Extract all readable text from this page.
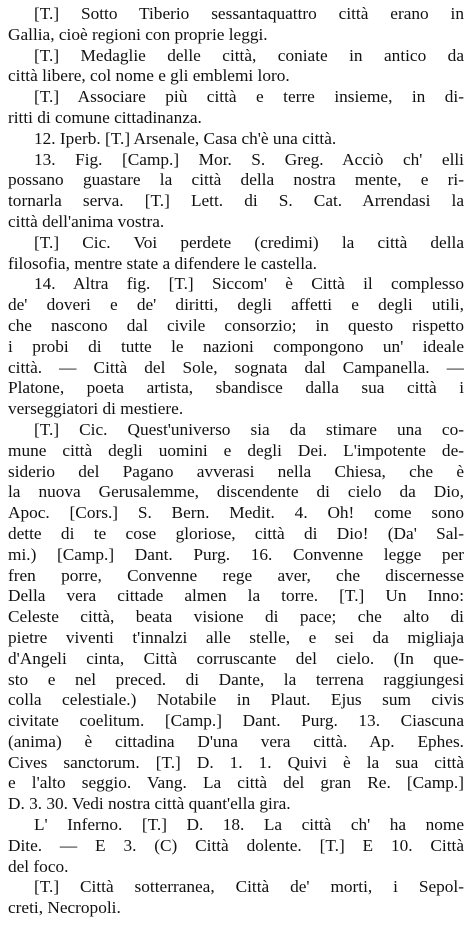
[T.] Sotto Tiberio sessantaquattro città erano in
Gallia, cioè regioni con proprie leggi.
[T.] Medaglie delle città, coniate in antico da
città libere, col nome e gli emblemi loro.
[T.] Associare più città e terre insieme, in di-
ritti di comune cittadinanza.
12. Iperb. [T.] Arsenale, Casa ch'è una città.
13. Fig. [Camp.] Mor. S. Greg. Acciò ch' elli
possano guastare la città della nostra mente, e ri-
tornarla serva. [T.] Lett. di S. Cat. Arrendasi la
città dell'anima vostra.
[T.] Cic. Voi perdete (credimi) la città della
filosofia, mentre state a difendere le castella.
14. Altra fig. [T.] Siccom' è Città il complesso
de' doveri e de' diritti, degli affetti e degli utili,
che nascono dal civile consorzio; in questo rispetto
i probi di tutte le nazioni compongono un' ideale
città. — Città del Sole, sognata dal Campanella. —
Platone, poeta artista, sbandisce dalla sua città i
verseggiatori di mestiere.
[T.] Cic. Quest'universo sia da stimare una co-
mune città degli uomini e degli Dei. L'impotente de-
siderio del Pagano avverasi nella Chiesa, che è
la nuova Gerusalemme, discendente di cielo da Dio,
Apoc. [Cors.] S. Bern. Medit. 4. Oh! come sono
dette di te cose gloriose, città di Dio! (Da' Sal-
mi.) [Camp.] Dant. Purg. 16. Convenne legge per
fren porre, Convenne rege aver, che discernesse
Della vera cittade almen la torre. [T.] Un Inno:
Celeste città, beata visione di pace; che alto di
pietre viventi t'innalzi alle stelle, e sei da migliaja
d'Angeli cinta, Città corruscante del cielo. (In que-
sto e nel preced. di Dante, la terrena raggiungesi
colla celestiale.) Notabile in Plaut. Ejus sum civis
civitate coelitum. [Camp.] Dant. Purg. 13. Ciascuna
(anima) è cittadina D'una vera città. Ap. Ephes.
Cives sanctorum. [T.] D. 1. 1. Quivi è la sua città
e l'alto seggio. Vang. La città del gran Re. [Camp.]
D. 3. 30. Vedi nostra città quant'ella gira.
L' Inferno. [T.] D. 18. La città ch' ha nome
Dite. — E 3. (C) Città dolente. [T.] E 10. Città
del foco.
[T.] Città sotterranea, Città de' morti, i Sepol-
creti, Necropoli.
